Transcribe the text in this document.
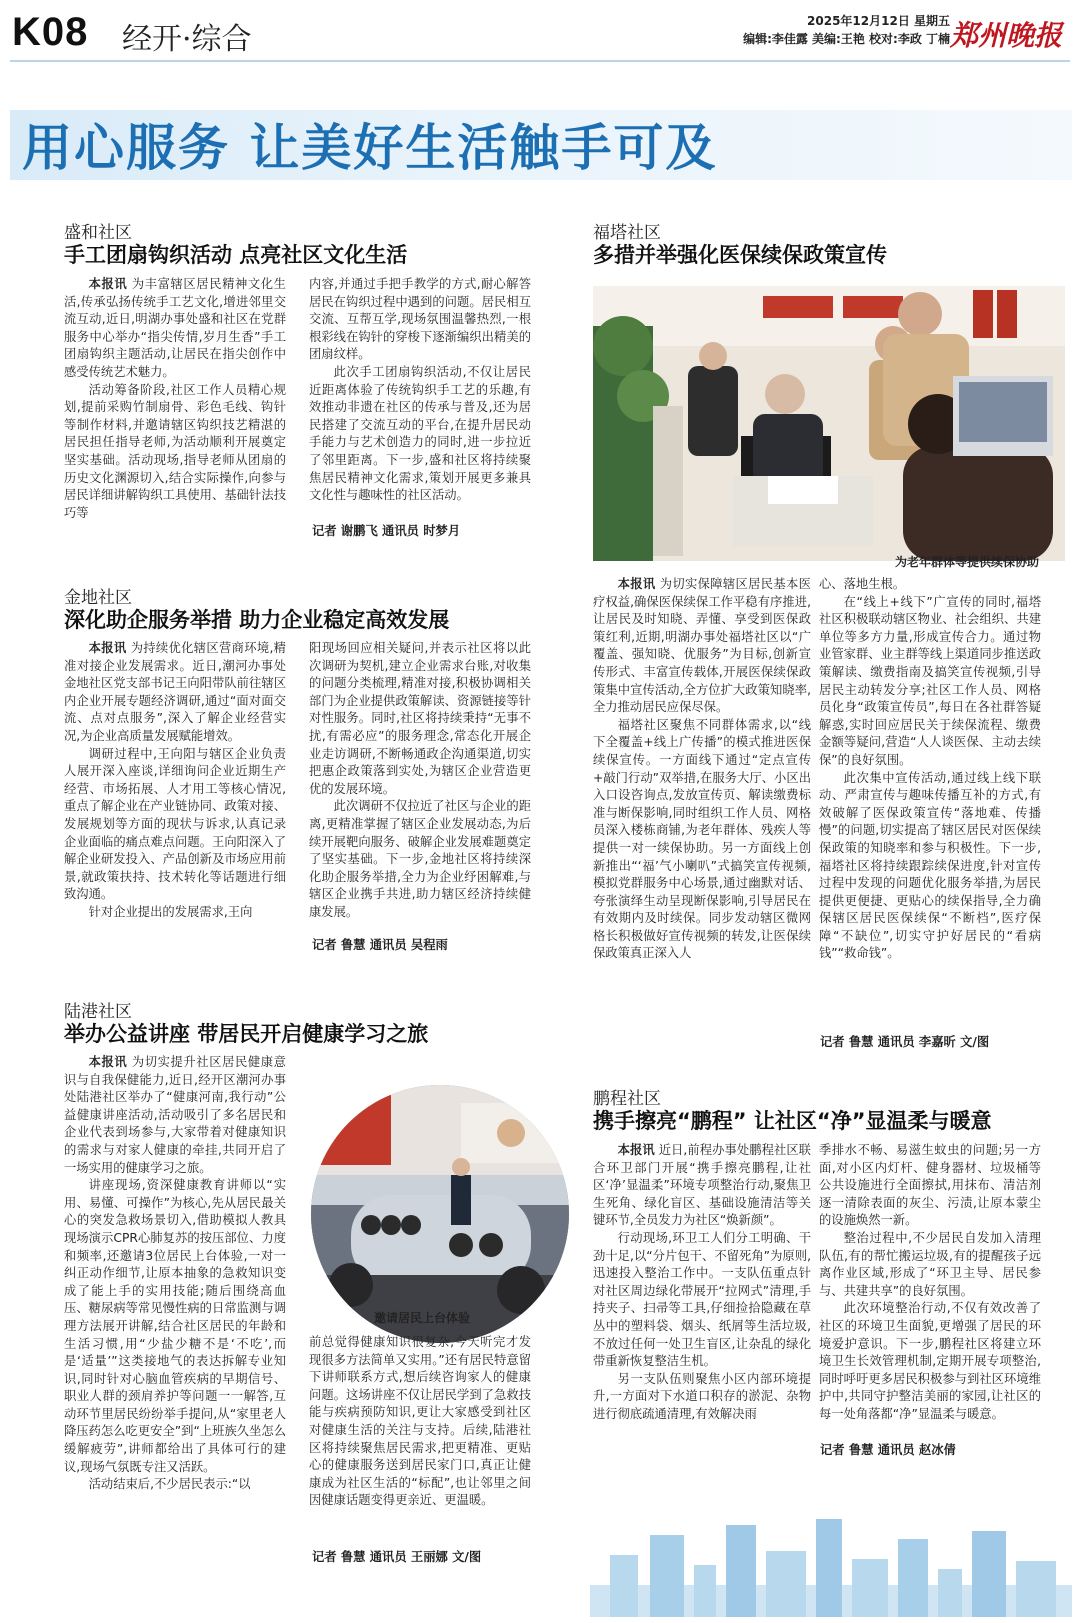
K08 经开·综合
2025年12月12日 星期五
编辑:李佳露 美编:王艳 校对:李政 丁楠 郑州晚报
用心服务 让美好生活触手可及
盛和社区
手工团扇钩织活动 点亮社区文化生活

本报讯 为丰富辖区居民精神文化生活,传承弘扬传统手工艺文化,增进邻里交流互动,近日,明湖办事处盛和社区在党群服务中心举办“指尖传情,岁月生香”手工团扇钩织主题活动,让居民在指尖创作中感受传统艺术魅力。

活动筹备阶段,社区工作人员精心规划,提前采购竹制扇骨、彩色毛线、钩针等制作材料,并邀请辖区钩织技艺精湛的居民担任指导老师,为活动顺利开展奠定坚实基础。活动现场,指导老师从团扇的历史文化渊源切入,结合实际操作,向参与居民详细讲解钩织工具使用、基础针法技巧等

内容,并通过手把手教学的方式,耐心解答居民在钩织过程中遇到的问题。居民相互交流、互帮互学,现场氛围温馨热烈,一根根彩线在钩针的穿梭下逐渐编织出精美的团扇纹样。

此次手工团扇钩织活动,不仅让居民近距离体验了传统钩织手工艺的乐趣,有效推动非遗在社区的传承与普及,还为居民搭建了交流互动的平台,在提升居民动手能力与艺术创造力的同时,进一步拉近了邻里距离。下一步,盛和社区将持续聚焦居民精神文化需求,策划开展更多兼具文化性与趣味性的社区活动。

记者 谢鹏飞 通讯员 时梦月
福塔社区
多措并举强化医保续保政策宣传
为老年群体等提供续保协助

本报讯 为切实保障辖区居民基本医疗权益,确保医保续保工作平稳有序推进,让居民及时知晓、弄懂、享受到医保政策红利,近期,明湖办事处福塔社区以“广覆盖、强知晓、优服务”为目标,创新宣传形式、丰富宣传载体,开展医保续保政策集中宣传活动,全方位扩大政策知晓率,全力推动居民应保尽保。

福塔社区聚焦不同群体需求,以“线下全覆盖+线上广传播”的模式推进医保续保宣传。一方面线下通过“定点宣传+敲门行动”双举措,在服务大厅、小区出入口设咨询点,发放宣传页、解读缴费标准与断保影响,同时组织工作人员、网格员深入楼栋商铺,为老年群体、残疾人等提供一对一续保协助。另一方面线上创新推出“‘福’气小喇叭”式搞笑宣传视频,模拟党群服务中心场景,通过幽默对话、夸张演绎生动呈现断保影响,引导居民在有效期内及时续保。同步发动辖区微网格长积极做好宣传视频的转发,让医保续保政策真正深入人

心、落地生根。

在“线上+线下”广宣传的同时,福塔社区积极联动辖区物业、社会组织、共建单位等多方力量,形成宣传合力。通过物业管家群、业主群等线上渠道同步推送政策解读、缴费指南及搞笑宣传视频,引导居民主动转发分享;社区工作人员、网格员化身“政策宣传员”,每日在各社群答疑解惑,实时回应居民关于续保流程、缴费金额等疑问,营造“人人谈医保、主动去续保”的良好氛围。

此次集中宣传活动,通过线上线下联动、严肃宣传与趣味传播互补的方式,有效破解了医保政策宣传“落地难、传播慢”的问题,切实提高了辖区居民对医保续保政策的知晓率和参与积极性。下一步,福塔社区将持续跟踪续保进度,针对宣传过程中发现的问题优化服务举措,为居民提供更便捷、更贴心的续保指导,全力确保辖区居民医保续保“不断档”,医疗保障“不缺位”,切实守护好居民的“看病钱”“救命钱”。

记者 鲁慧 通讯员 李嘉昕 文/图
金地社区
深化助企服务举措 助力企业稳定高效发展

本报讯 为持续优化辖区营商环境,精准对接企业发展需求。近日,潮河办事处金地社区党支部书记王向阳带队前往辖区内企业开展专题经济调研,通过“面对面交流、点对点服务”,深入了解企业经营实况,为企业高质量发展赋能增效。

调研过程中,王向阳与辖区企业负责人展开深入座谈,详细询问企业近期生产经营、市场拓展、人才用工等核心情况,重点了解企业在产业链协同、政策对接、发展规划等方面的现状与诉求,认真记录企业面临的痛点难点问题。王向阳深入了解企业研发投入、产品创新及市场应用前景,就政策扶持、技术转化等话题进行细致沟通。

针对企业提出的发展需求,王向

阳现场回应相关疑问,并表示社区将以此次调研为契机,建立企业需求台账,对收集的问题分类梳理,精准对接,积极协调相关部门为企业提供政策解读、资源链接等针对性服务。同时,社区将持续秉持“无事不扰,有需必应”的服务理念,常态化开展企业走访调研,不断畅通政企沟通渠道,切实把惠企政策落到实处,为辖区企业营造更优的发展环境。

此次调研不仅拉近了社区与企业的距离,更精准掌握了辖区企业发展动态,为后续开展靶向服务、破解企业发展难题奠定了坚实基础。下一步,金地社区将持续深化助企服务举措,全力为企业纾困解难,与辖区企业携手共进,助力辖区经济持续健康发展。

记者 鲁慧 通讯员 吴程雨
陆港社区
举办公益讲座 带居民开启健康学习之旅

本报讯 为切实提升社区居民健康意识与自我保健能力,近日,经开区潮河办事处陆港社区举办了“健康河南,我行动”公益健康讲座活动,活动吸引了多名居民和企业代表到场参与,大家带着对健康知识的需求与对家人健康的牵挂,共同开启了一场实用的健康学习之旅。

讲座现场,资深健康教育讲师以“实用、易懂、可操作”为核心,先从居民最关心的突发急救场景切入,借助模拟人教具现场演示CPR心肺复苏的按压部位、力度和频率,还邀请3位居民上台体验,一对一纠正动作细节,让原本抽象的急救知识变成了能上手的实用技能;随后围绕高血压、糖尿病等常见慢性病的日常监测与调理方法展开讲解,结合社区居民的年龄和生活习惯,用“少盐少糖不是‘不吃’,而是‘适量’”这类接地气的表达拆解专业知识,同时针对心脑血管疾病的早期信号、职业人群的颈肩养护等问题一一解答,互动环节里居民纷纷举手提问,从“家里老人降压药怎么吃更安全”到“上班族久坐怎么缓解疲劳”,讲师都给出了具体可行的建议,现场气氛既专注又活跃。

活动结束后,不少居民表示:“以

邀请居民上台体验

前总觉得健康知识很复杂,今天听完才发现很多方法简单又实用。”还有居民特意留下讲师联系方式,想后续咨询家人的健康问题。这场讲座不仅让居民学到了急救技能与疾病预防知识,更让大家感受到社区对健康生活的关注与支持。后续,陆港社区将持续聚焦居民需求,把更精准、更贴心的健康服务送到居民家门口,真正让健康成为社区生活的“标配”,也让邻里之间因健康话题变得更亲近、更温暖。

记者 鲁慧 通讯员 王丽娜 文/图
鹏程社区
携手擦亮“鹏程” 让社区“净”显温柔与暖意

本报讯 近日,前程办事处鹏程社区联合环卫部门开展“携手擦亮鹏程,让社区‘净’显温柔”环境专项整治行动,聚焦卫生死角、绿化盲区、基础设施清洁等关键环节,全员发力为社区“焕新颜”。

行动现场,环卫工人们分工明确、干劲十足,以“分片包干、不留死角”为原则,迅速投入整治工作中。一支队伍重点针对社区周边绿化带展开“拉网式”清理,手持夹子、扫帚等工具,仔细捡拾隐藏在草丛中的塑料袋、烟头、纸屑等生活垃圾,不放过任何一处卫生盲区,让杂乱的绿化带重新恢复整洁生机。

另一支队伍则聚焦小区内部环境提升,一方面对下水道口积存的淤泥、杂物进行彻底疏通清理,有效解决雨

季排水不畅、易滋生蚊虫的问题;另一方面,对小区内灯杆、健身器材、垃圾桶等公共设施进行全面擦拭,用抹布、清洁剂逐一清除表面的灰尘、污渍,让原本蒙尘的设施焕然一新。

整治过程中,不少居民自发加入清理队伍,有的帮忙搬运垃圾,有的提醒孩子远离作业区域,形成了“环卫主导、居民参与、共建共享”的良好氛围。

此次环境整治行动,不仅有效改善了社区的环境卫生面貌,更增强了居民的环境爱护意识。下一步,鹏程社区将建立环境卫生长效管理机制,定期开展专项整治,同时呼吁更多居民积极参与到社区环境维护中,共同守护整洁美丽的家园,让社区的每一处角落都“净”显温柔与暖意。

记者 鲁慧 通讯员 赵冰倩
